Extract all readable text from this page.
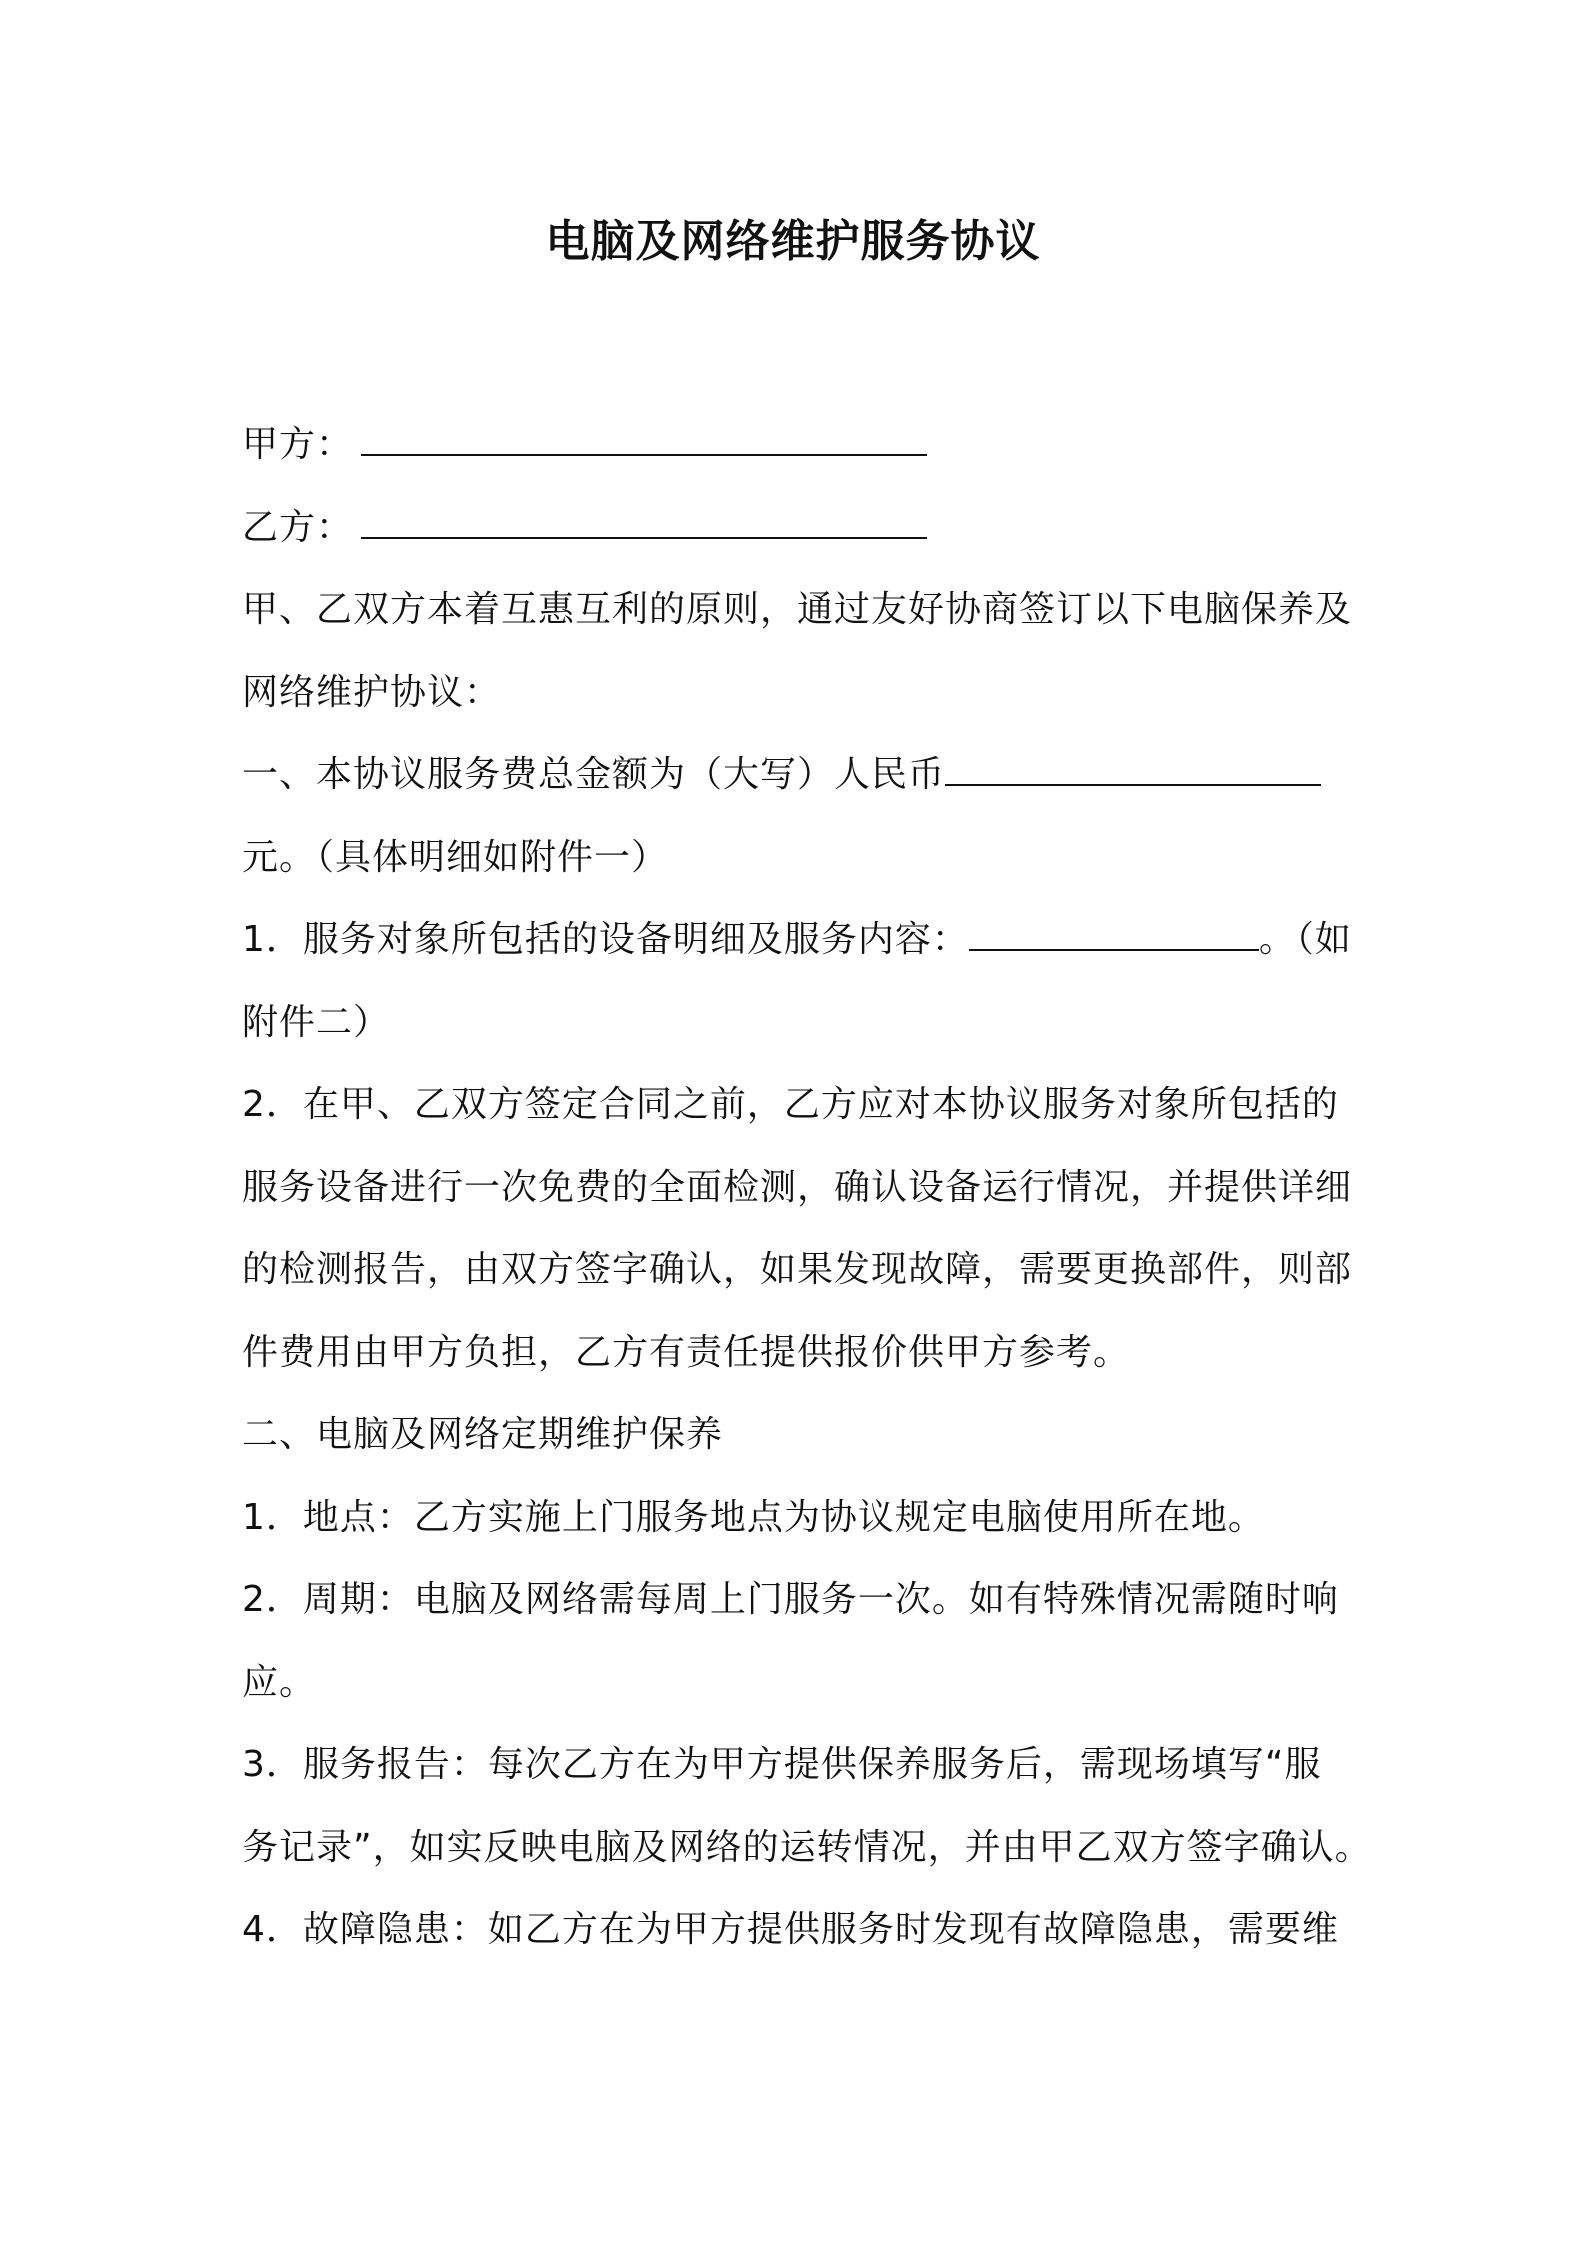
电脑及网络维护服务协议
甲方：
乙方：
甲、乙双方本着互惠互利的原则，通过友好协商签订以下电脑保养及
网络维护协议：
一、本协议服务费总金额为（大写）人民币
元。（具体明细如附件一）
1．服务对象所包括的设备明细及服务内容：	。（如
附件二）
2．在甲、乙双方签定合同之前，乙方应对本协议服务对象所包括的
服务设备进行一次免费的全面检测，确认设备运行情况，并提供详细
的检测报告，由双方签字确认，如果发现故障，需要更换部件，则部
件费用由甲方负担，乙方有责任提供报价供甲方参考。
二、电脑及网络定期维护保养
1．地点：乙方实施上门服务地点为协议规定电脑使用所在地。
2．周期：电脑及网络需每周上门服务一次。如有特殊情况需随时响
应。
3．服务报告：每次乙方在为甲方提供保养服务后，需现场填写“服
务记录”，如实反映电脑及网络的运转情况，并由甲乙双方签字确认。
4．故障隐患：如乙方在为甲方提供服务时发现有故障隐患，需要维
